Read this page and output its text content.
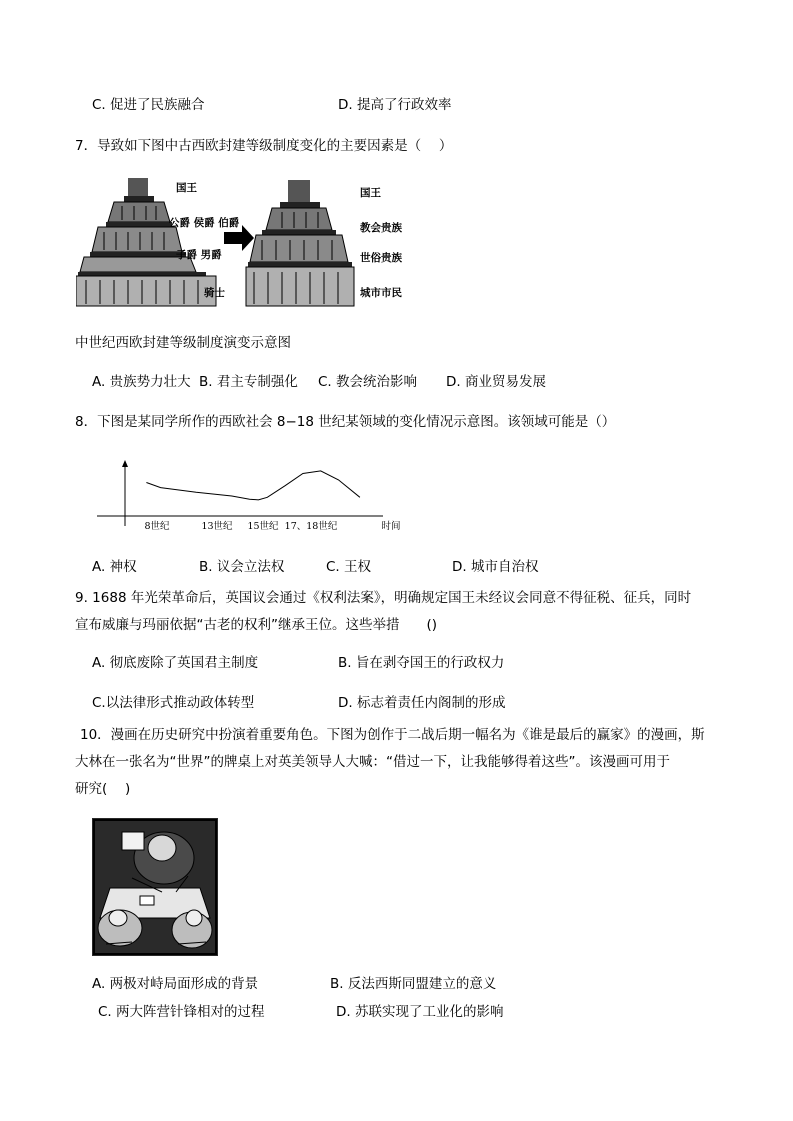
C. 促进了民族融合	D. 提高了行政效率
7．导致如下图中古西欧封建等级制度变化的主要因素是（　 ）
国王
公爵 侯爵 伯爵
子爵 男爵
骑士
国王
教会贵族
世俗贵族
城市市民
中世纪西欧封建等级制度演变示意图
A. 贵族势力壮大 B. 君主专制强化 C. 教会统治影响 D. 商业贸易发展
8．下图是某同学所作的西欧社会 8−18 世纪某领域的变化情况示意图。该领域可能是（）
8世纪	13世纪 15世纪 17、18世纪	时间
A. 神权	B. 议会立法权	C. 王权	D. 城市自治权
9. 1688 年光荣革命后，英国议会通过《权利法案》，明确规定国王未经议会同意不得征税、征兵，同时
宣布威廉与玛丽依据“古老的权利”继承王位。这些举措　　()
A. 彻底废除了英国君主制度	B. 旨在剥夺国王的行政权力
C.以法律形式推动政体转型	D. 标志着责任内阁制的形成
10．漫画在历史研究中扮演着重要角色。下图为创作于二战后期一幅名为《谁是最后的赢家》的漫画，斯
大林在一张名为“世界”的牌桌上对英美领导人大喊：“借过一下，让我能够得着这些”。该漫画可用于
研究(　 )
A. 两极对峙局面形成的背景	B. 反法西斯同盟建立的意义
C. 两大阵营针锋相对的过程	D. 苏联实现了工业化的影响
